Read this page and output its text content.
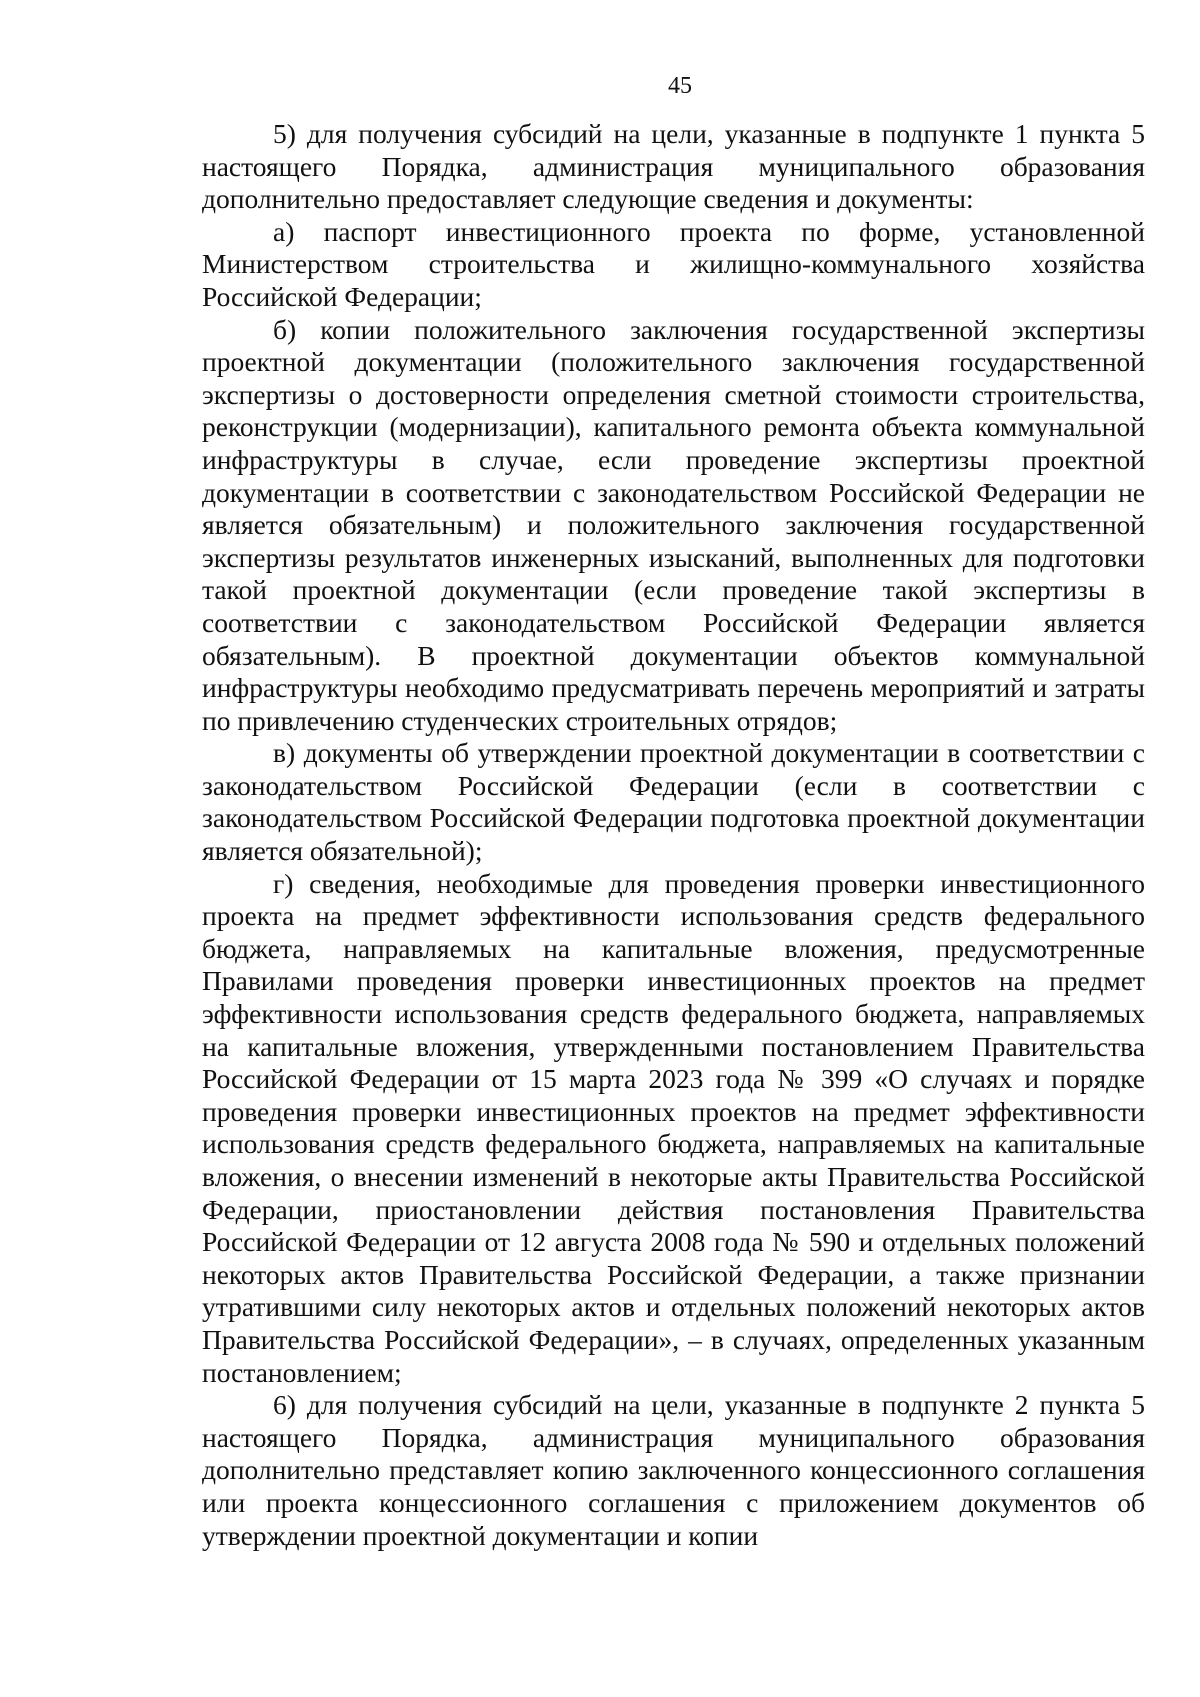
45

5) для получения субсидий на цели, указанные в подпункте 1 пункта 5 настоящего Порядка, администрация муниципального образования дополнительно предоставляет следующие сведения и документы:

а) паспорт инвестиционного проекта по форме, установленной Министерством строительства и жилищно-коммунального хозяйства Российской Федерации;

б) копии положительного заключения государственной экспертизы проектной документации (положительного заключения государственной экспертизы о достоверности определения сметной стоимости строительства, реконструкции (модернизации), капитального ремонта объекта коммунальной инфраструктуры в случае, если проведение экспертизы проектной документации в соответствии с законодательством Российской Федерации не является обязательным) и положительного заключения государственной экспертизы результатов инженерных изысканий, выполненных для подготовки такой проектной документации (если проведение такой экспертизы в соответствии с законодательством Российской Федерации является обязательным). В проектной документации объектов коммунальной инфраструктуры необходимо предусматривать перечень мероприятий и затраты по привлечению студенческих строительных отрядов;

в) документы об утверждении проектной документации в соответствии с законодательством Российской Федерации (если в соответствии с законодательством Российской Федерации подготовка проектной документации является обязательной);

г) сведения, необходимые для проведения проверки инвестиционного проекта на предмет эффективности использования средств федерального бюджета, направляемых на капитальные вложения, предусмотренные Правилами проведения проверки инвестиционных проектов на предмет эффективности использования средств федерального бюджета, направляемых на капитальные вложения, утвержденными постановлением Правительства Российской Федерации от 15 марта 2023 года № 399 «О случаях и порядке проведения проверки инвестиционных проектов на предмет эффективности использования средств федерального бюджета, направляемых на капитальные вложения, о внесении изменений в некоторые акты Правительства Российской Федерации, приостановлении действия постановления Правительства Российской Федерации от 12 августа 2008 года № 590 и отдельных положений некоторых актов Правительства Российской Федерации, а также признании утратившими силу некоторых актов и отдельных положений некоторых актов Правительства Российской Федерации», – в случаях, определенных указанным постановлением;

6) для получения субсидий на цели, указанные в подпункте 2 пункта 5 настоящего Порядка, администрация муниципального образования дополнительно представляет копию заключенного концессионного соглашения или проекта концессионного соглашения с приложением документов об утверждении проектной документации и копии
